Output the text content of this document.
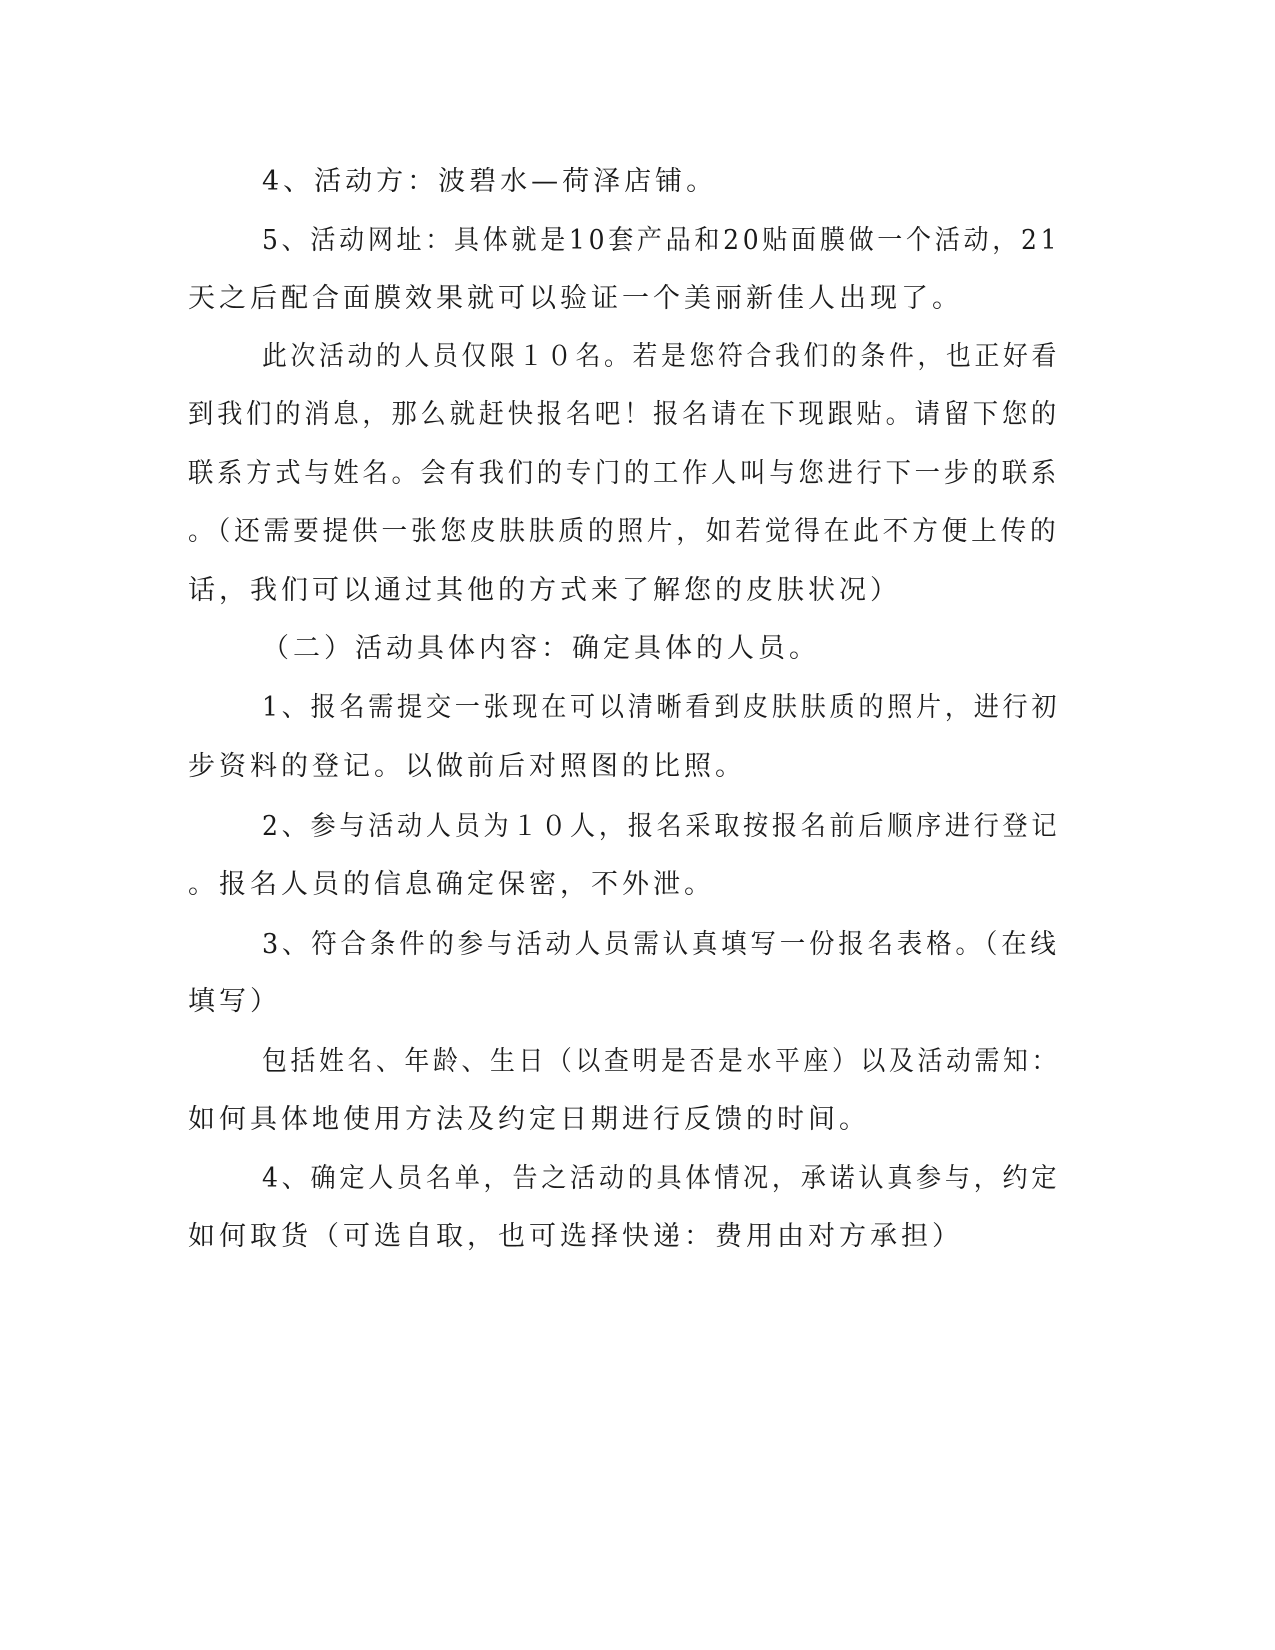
4、活动方：波碧水—荷泽店铺。
5、活动网址：具体就是10套产品和20贴面膜做一个活动，21
天之后配合面膜效果就可以验证一个美丽新佳人出现了。
此次活动的人员仅限１０名。若是您符合我们的条件，也正好看
到我们的消息，那么就赶快报名吧！报名请在下现跟贴。请留下您的
联系方式与姓名。会有我们的专门的工作人叫与您进行下一步的联系
。（还需要提供一张您皮肤肤质的照片，如若觉得在此不方便上传的
话，我们可以通过其他的方式来了解您的皮肤状况）
（二）活动具体内容：确定具体的人员。
1、报名需提交一张现在可以清晰看到皮肤肤质的照片，进行初
步资料的登记。以做前后对照图的比照。
2、参与活动人员为１０人，报名采取按报名前后顺序进行登记
。报名人员的信息确定保密，不外泄。
3、符合条件的参与活动人员需认真填写一份报名表格。（在线
填写）
包括姓名、年龄、生日（以查明是否是水平座）以及活动需知：
如何具体地使用方法及约定日期进行反馈的时间。
4、确定人员名单，告之活动的具体情况，承诺认真参与，约定
如何取货（可选自取，也可选择快递：费用由对方承担）
